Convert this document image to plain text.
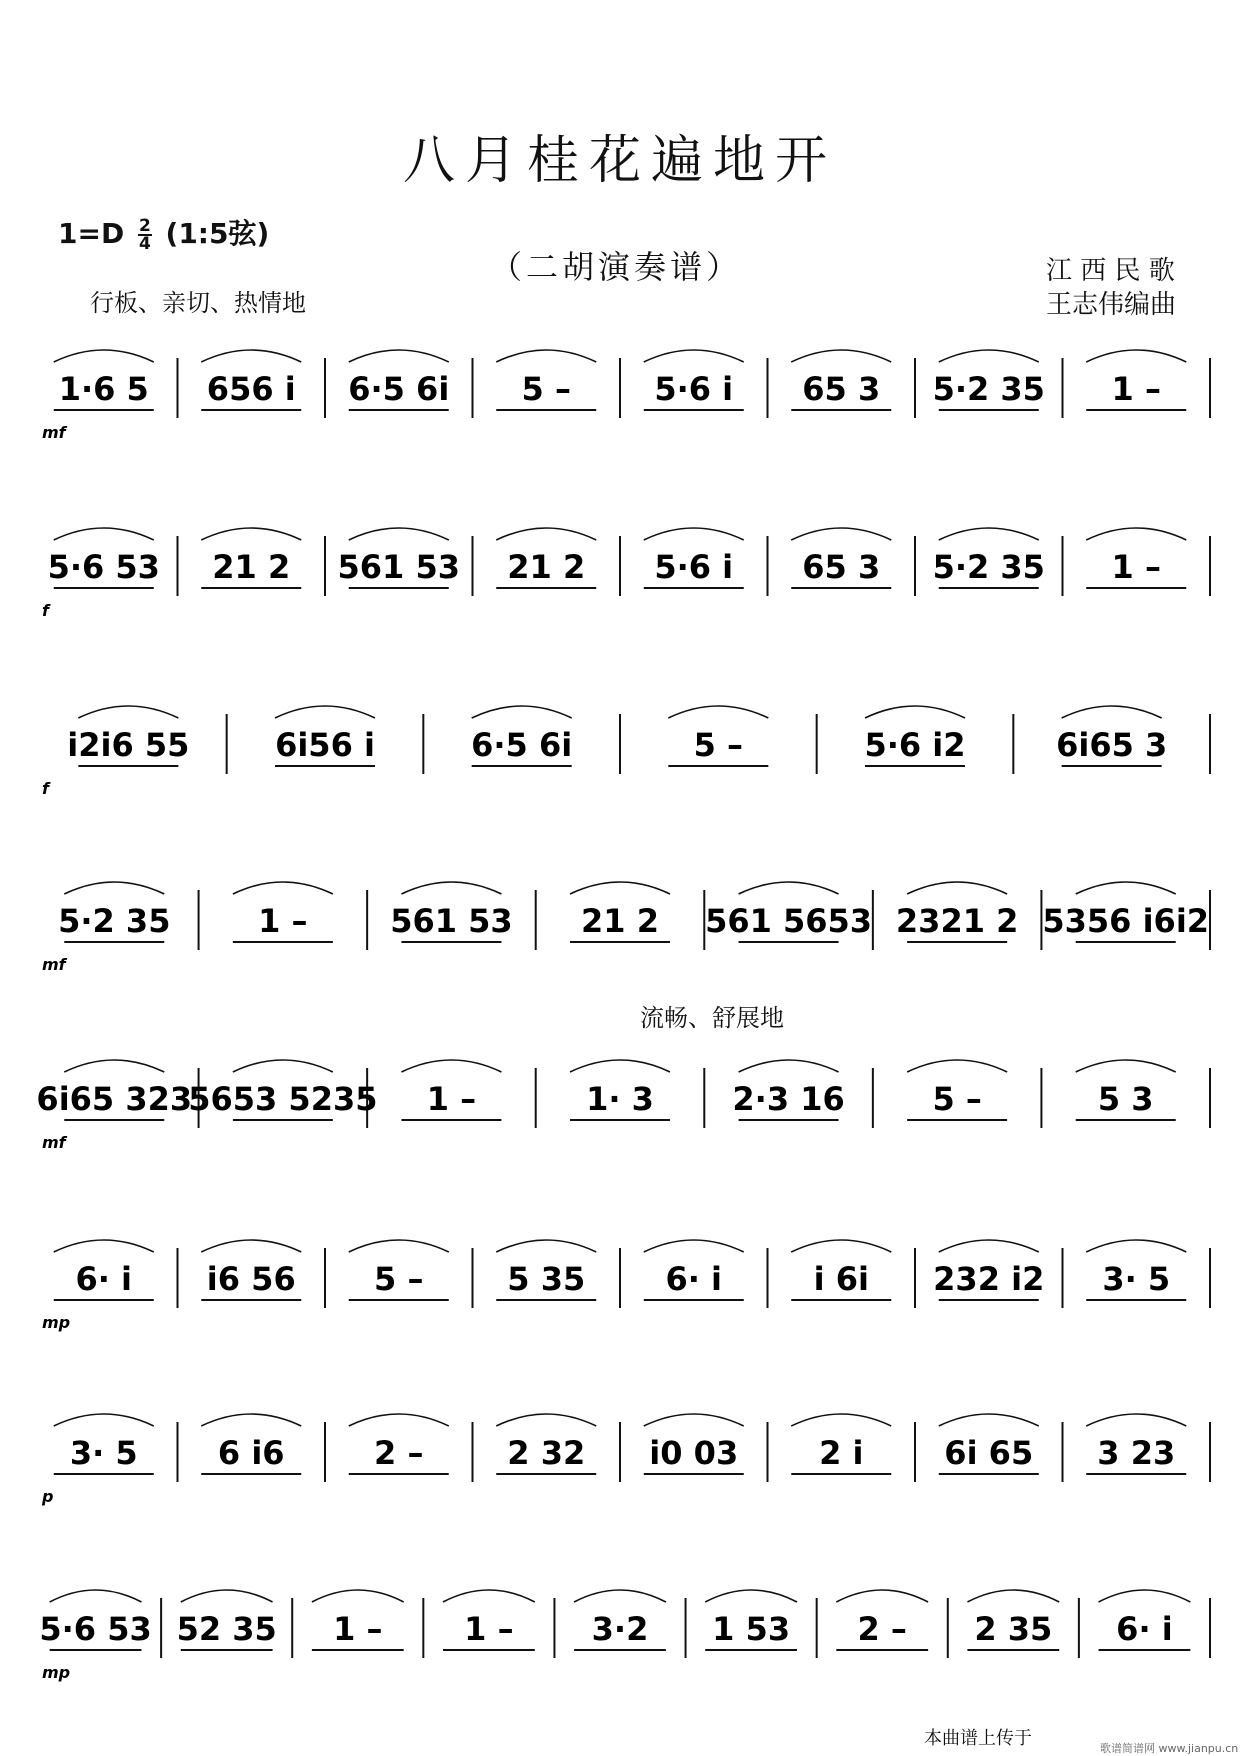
八月桂花遍地开
$1=D \frac{2}{4}$ (1:5弦)
（二胡演奏谱）
行板、亲切、热情地
江 西 民 歌
王志伟编曲
流畅、舒展地
1·6 5 656 i 6·5 6i 5 –	5·6 i 65 3 5·2 35 1 –
mf
5·6 53 21 2 561 53 21 2 5·6 i 65 3 5·2 35 1 –
f
i2i6 55	6i56 i	6·5 6i	5 –	5·6 i2	6i65 3
f
5·2 35	1 –	561 53 21 2 561 5653 2321 2 5356 i6i2
mf
6i65 323
5653 5235 1 –	1· 3 2·3 16	5 –	5 3
mf
6· i i6 56 5 –	5 35	6· i	i 6i 232 i2 3· 5
mp
3· 5	6 i6	2 –	2 32 i0 03	2 i	6i 65 3 23
p
5·6 53 52 35 1 –	1 – 3·2 1 53 2 – 2 35 6· i
mp
本曲谱上传于	歌谱简谱网 www.jianpu.cn
